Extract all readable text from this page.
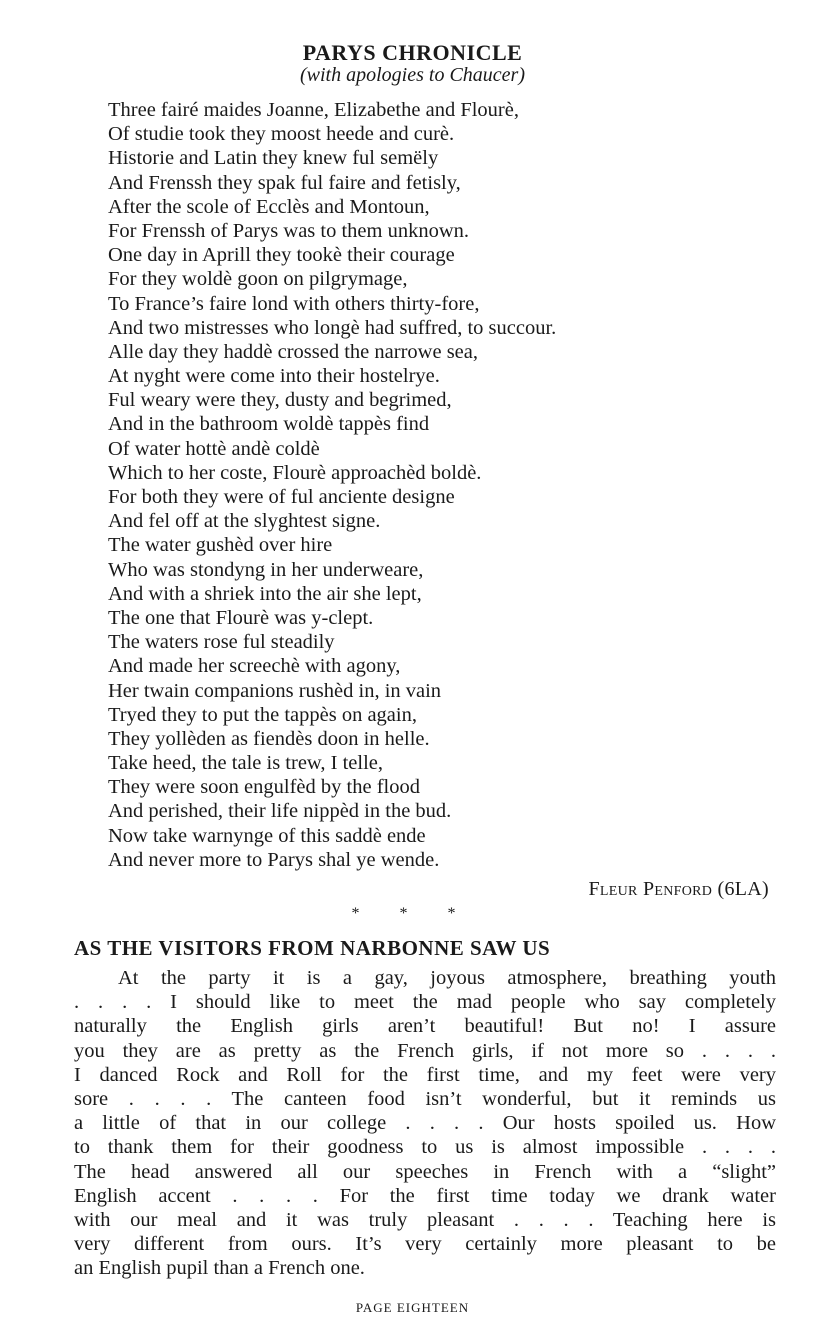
PARYS CHRONICLE
(with apologies to Chaucer)
Three fairé maides Joanne, Elizabethe and Flourè,
Of studie took they moost heede and curè.
Historie and Latin they knew ful semëly
And Frenssh they spak ful faire and fetisly,
After the scole of Ecclès and Montoun,
For Frenssh of Parys was to them unknown.
One day in Aprill they tookè their courage
For they woldè goon on pilgrymage,
To France’s faire lond with others thirty-fore,
And two mistresses who longè had suffred, to succour.
Alle day they haddè crossed the narrowe sea,
At nyght were come into their hostelrye.
Ful weary were they, dusty and begrimed,
And in the bathroom woldè tappès find
Of water hottè andè coldè
Which to her coste, Flourè approachèd boldè.
For both they were of ful anciente designe
And fel off at the slyghtest signe.
The water gushèd over hire
Who was stondyng in her underweare,
And with a shriek into the air she lept,
The one that Flourè was y-clept.
The waters rose ful steadily
And made her screechè with agony,
Her twain companions rushèd in, in vain
Tryed they to put the tappès on again,
They yollèden as fiendès doon in helle.
Take heed, the tale is trew, I telle,
They were soon engulfèd by the flood
And perished, their life nippèd in the bud.
Now take warnynge of this saddè ende
And never more to Parys shal ye wende.
Fleur Penford (6LA)
* * *
AS THE VISITORS FROM NARBONNE SAW US
At the party it is a gay, joyous atmosphere, breathing youth
. . . . I should like to meet the mad people who say completely
naturally the English girls aren’t beautiful! But no! I assure
you they are as pretty as the French girls, if not more so . . . .
I danced Rock and Roll for the first time, and my feet were very
sore . . . . The canteen food isn’t wonderful, but it reminds us
a little of that in our college . . . . Our hosts spoiled us. How
to thank them for their goodness to us is almost impossible . . . .
The head answered all our speeches in French with a “slight”
English accent . . . . For the first time today we drank water
with our meal and it was truly pleasant . . . . Teaching here is
very different from ours. It’s very certainly more pleasant to be
an English pupil than a French one.
PAGE EIGHTEEN
